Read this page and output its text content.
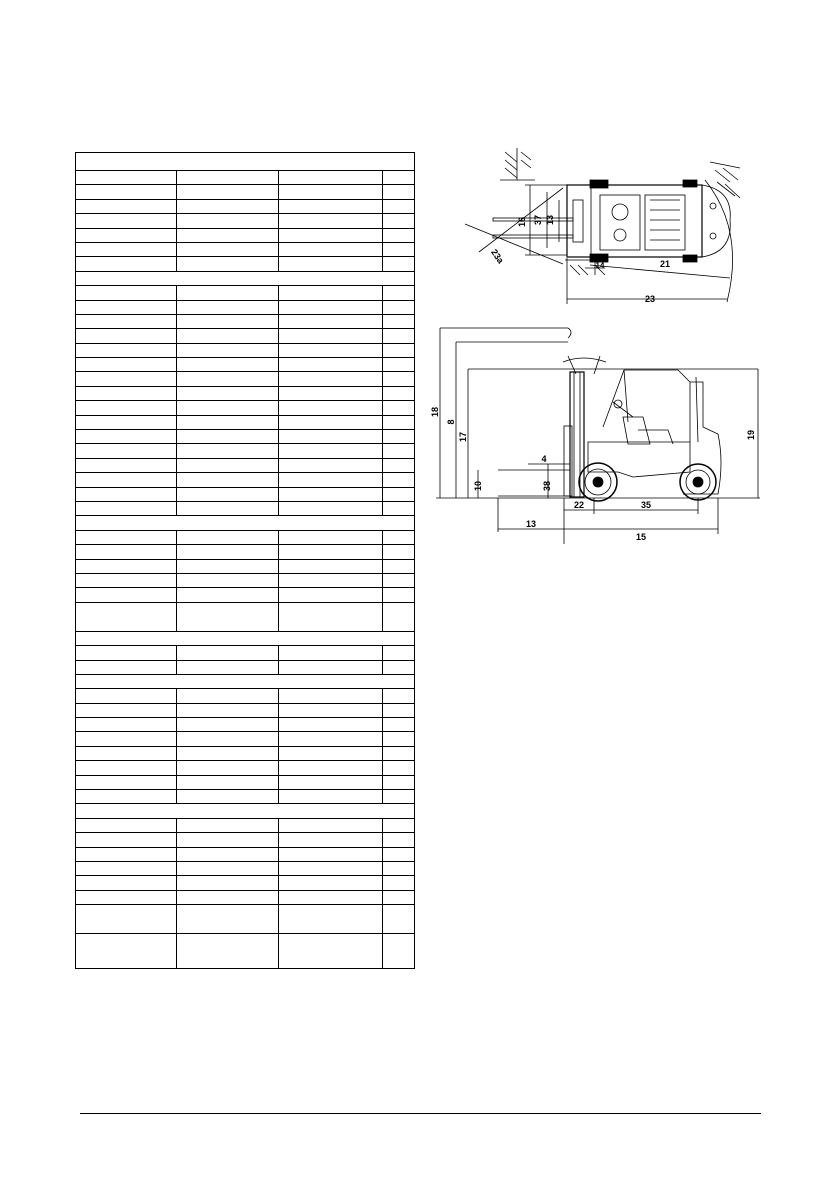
16 37 13
23a
14	21
23
18
8
17	19
4
10	38
22	35
13
15
